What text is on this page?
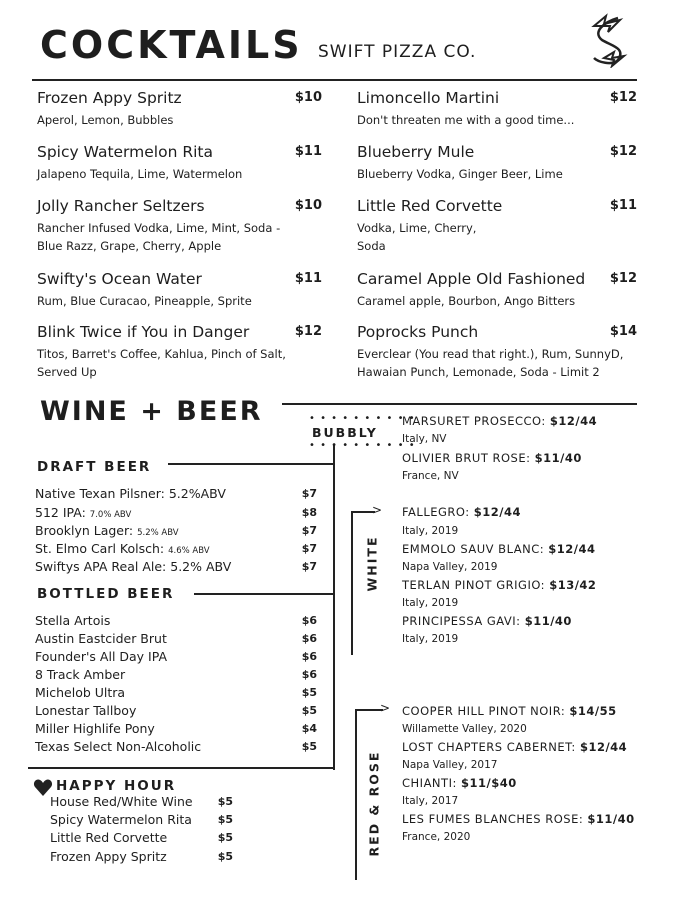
COCKTAILS SWIFT PIZZA CO.
Frozen Appy Spritz	$10
Aperol, Lemon, Bubbles
Limoncello Martini	$12
Don't threaten me with a good time...
Spicy Watermelon Rita	$11
Jalapeno Tequila, Lime, Watermelon
Blueberry Mule	$12
Blueberry Vodka, Ginger Beer, Lime
Jolly Rancher Seltzers	$10
Rancher Infused Vodka, Lime, Mint, Soda - Blue Razz, Grape, Cherry, Apple
Little Red Corvette	$11
Vodka, Lime, Cherry, Soda
Swifty's Ocean Water	$11
Rum, Blue Curacao, Pineapple, Sprite
Caramel Apple Old Fashioned $12
Caramel apple, Bourbon, Ango Bitters
Blink Twice if You in Danger	$12
Titos, Barret's Coffee, Kahlua, Pinch of Salt, Served Up
Poprocks Punch	$14
Everclear (You read that right.), Rum, SunnyD, Hawaian Punch, Lemonade, Soda - Limit 2
WINE + BEER
DRAFT BEER
Native Texan Pilsner: 5.2%ABV	$7
512 IPA: 7.0% ABV	$8
Brooklyn Lager: 5.2% ABV	$7
St. Elmo Carl Kolsch: 4.6% ABV	$7
Swiftys APA Real Ale: 5.2% ABV	$7
BOTTLED BEER
Stella Artois	$6
Austin Eastcider Brut	$6
Founder's All Day IPA	$6
8 Track Amber	$6
Michelob Ultra	$5
Lonestar Tallboy	$5
Miller Highlife Pony	$4
Texas Select Non-Alcoholic	$5
HAPPY HOUR
House Red/White Wine $5
Spicy Watermelon Rita $5
Little Red Corvette	$5
Frozen Appy Spritz	$5
• • • • • • • • • •
BUBBLY
• • • • • • • • • •
MARSURET PROSECCO: $12/44
Italy, NV
OLIVIER BRUT ROSE: $11/40
France, NV
>
WHITE
FALLEGRO: $12/44
Italy, 2019
EMMOLO SAUV BLANC: $12/44
Napa Valley, 2019
TERLAN PINOT GRIGIO: $13/42
Italy, 2019
PRINCIPESSA GAVI: $11/40
Italy, 2019
>
RED & ROSE
COOPER HILL PINOT NOIR: $14/55
Willamette Valley, 2020
LOST CHAPTERS CABERNET: $12/44
Napa Valley, 2017
CHIANTI: $11/$40
Italy, 2017
LES FUMES BLANCHES ROSE: $11/40
France, 2020
